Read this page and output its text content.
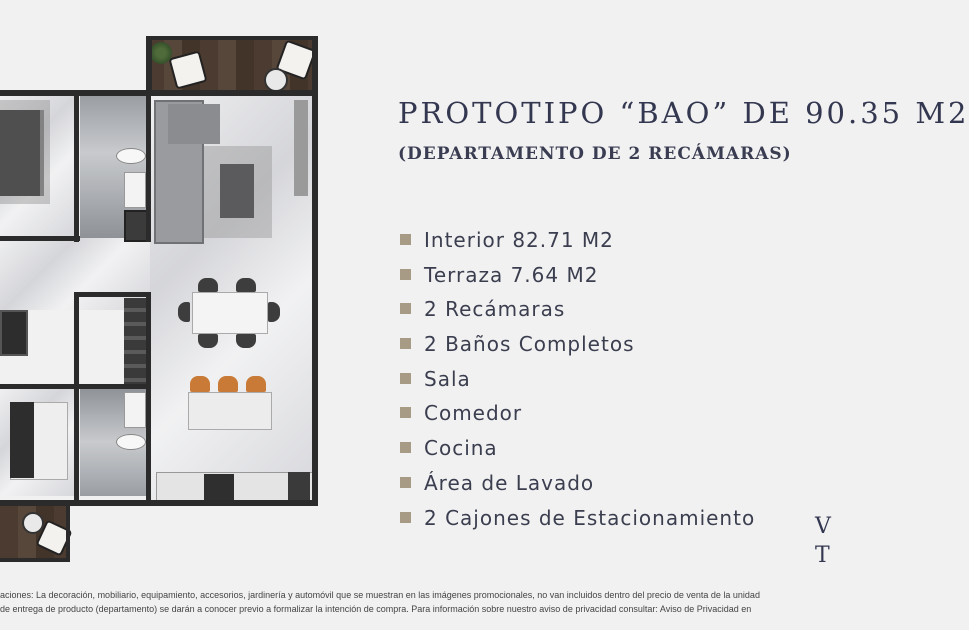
PROTOTIPO “BAO” DE 90.35 M2
(DEPARTAMENTO DE 2 RECÁMARAS)
Interior 82.71 M2
Terraza 7.64 M2
2 Recámaras
2 Baños Completos
Sala
Comedor
Cocina
Área de Lavado
2 Cajones de Estacionamiento	V
T
aciones: La decoración, mobiliario, equipamiento, accesorios, jardinería y automóvil que se muestran en las imágenes promocionales, no van incluidos dentro del precio de venta de la unidad
de entrega de producto (departamento) se darán a conocer previo a formalizar la intención de compra. Para información sobre nuestro aviso de privacidad consultar: Aviso de Privacidad en
